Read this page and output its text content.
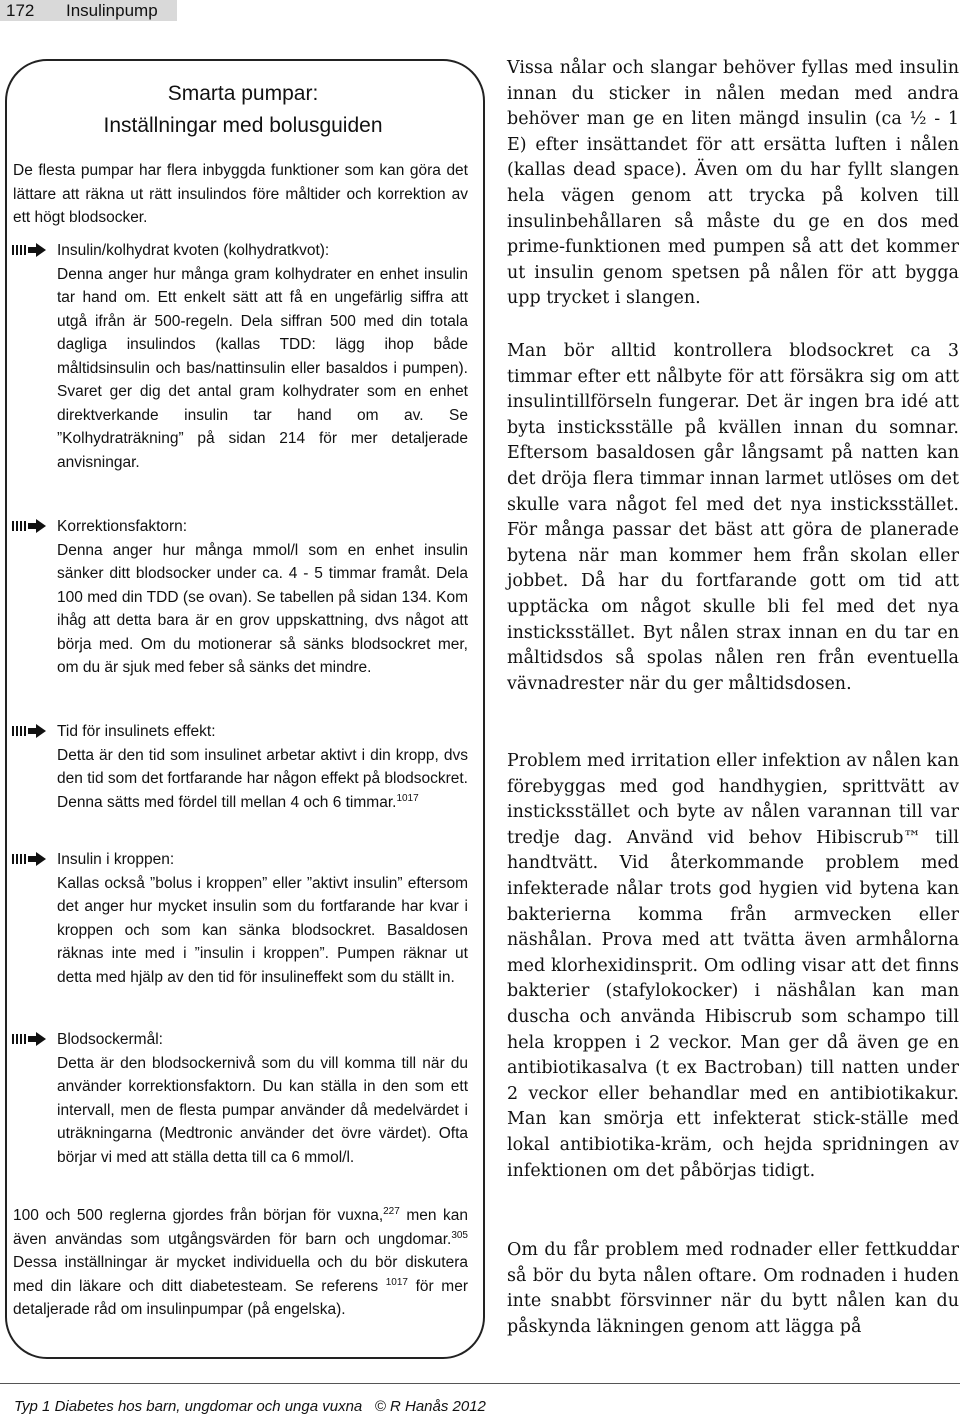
172 Insulinpump
Smarta pumpar:
Inställningar med bolusguiden
De flesta pumpar har flera inbyggda funktioner som kan göra det lättare att räkna ut rätt insulindos före måltider och korrektion av ett högt blodsocker.
Insulin/kolhydrat kvoten (kolhydratkvot):
Denna anger hur många gram kolhydrater en enhet insulin tar hand om. Ett enkelt sätt att få en ungefärlig siffra att utgå ifrån är 500-regeln. Dela siffran 500 med din totala dagliga insulindos (kallas TDD: lägg ihop både måltidsinsulin och bas/nattinsulin eller basaldos i pumpen). Svaret ger dig det antal gram kolhydrater som en enhet direktverkande insulin tar hand om av. Se ”Kolhydraträkning” på sidan 214 för mer detaljerade anvisningar.
Korrektionsfaktorn:
Denna anger hur många mmol/l som en enhet insulin sänker ditt blodsocker under ca. 4 - 5 timmar framåt. Dela 100 med din TDD (se ovan). Se tabellen på sidan 134. Kom ihåg att detta bara är en grov uppskattning, dvs något att börja med. Om du motionerar så sänks blodsockret mer, om du är sjuk med feber så sänks det mindre.
Tid för insulinets effekt:
Detta är den tid som insulinet arbetar aktivt i din kropp, dvs den tid som det fortfarande har någon effekt på blodsockret. Denna sätts med fördel till mellan 4 och 6 timmar.$^{1017}$
Insulin i kroppen:
Kallas också ”bolus i kroppen” eller ”aktivt insulin” eftersom det anger hur mycket insulin som du fortfarande har kvar i kroppen och som kan sänka blodsockret. Basaldosen räknas inte med i ”insulin i kroppen”. Pumpen räknar ut detta med hjälp av den tid för insulineffekt som du ställt in.
Blodsockermål:
Detta är den blodsockernivå som du vill komma till när du använder korrektionsfaktorn. Du kan ställa in den som ett intervall, men de flesta pumpar använder då medelvärdet i uträkningarna (Medtronic använder det övre värdet). Ofta börjar vi med att ställa detta till ca 6 mmol/l.
100 och 500 reglerna gjordes från början för vuxna,$^{227}$ men kan även användas som utgångsvärden för barn och ungdomar.$^{305}$ Dessa inställningar är mycket individuella och du bör diskutera med din läkare och ditt diabetesteam. Se referens $^{1017}$ för mer detaljerade råd om insulinpumpar (på engelska).
Vissa nålar och slangar behöver fyllas med insulin innan du sticker in nålen medan med andra behöver man ge en liten mängd insulin (ca ½ - 1 E) efter insättandet för att ersätta luften i nålen (kallas dead space). Även om du har fyllt slangen hela vägen genom att trycka på kolven till insulinbehållaren så måste du ge en dos med prime-funktionen med pumpen så att det kommer ut insulin genom spetsen på nålen för att bygga upp trycket i slangen.
Man bör alltid kontrollera blodsockret ca 3 timmar efter ett nålbyte för att försäkra sig om att insulintillförseln fungerar. Det är ingen bra idé att byta insticksställe på kvällen innan du somnar. Eftersom basaldosen går långsamt på natten kan det dröja flera timmar innan larmet utlöses om det skulle vara något fel med det nya insticksstället. För många passar det bäst att göra de planerade bytena när man kommer hem från skolan eller jobbet. Då har du fortfarande gott om tid att upptäcka om något skulle bli fel med det nya insticksstället. Byt nålen strax innan en du tar en måltidsdos så spolas nålen ren från eventuella vävnadrester när du ger måltidsdosen.
Problem med irritation eller infektion av nålen kan förebyggas med god handhygien, sprittvätt av insticksstället och byte av nålen varannan till var tredje dag. Använd vid behov Hibiscrub™ till handtvätt. Vid återkommande problem med infekterade nålar trots god hygien vid bytena kan bakterierna komma från armvecken eller näshålan. Prova med att tvätta även armhålorna med klorhexidinsprit. Om odling visar att det finns bakterier (stafylokocker) i näshålan kan man duscha och använda Hibiscrub som schampo till hela kroppen i 2 veckor. Man ger då även ge en antibiotikasalva (t ex Bactroban) till natten under 2 veckor eller behandlar med en antibiotikakur. Man kan smörja ett infekterat stick-ställe med lokal antibiotika-kräm, och hejda spridningen av infektionen om det påbörjas tidigt.
Om du får problem med rodnader eller fettkuddar så bör du byta nålen oftare. Om rodnaden i huden inte snabbt försvinner när du bytt nålen kan du påskynda läkningen genom att lägga på
Typ 1 Diabetes hos barn, ungdomar och unga vuxna   © R Hanås 2012
